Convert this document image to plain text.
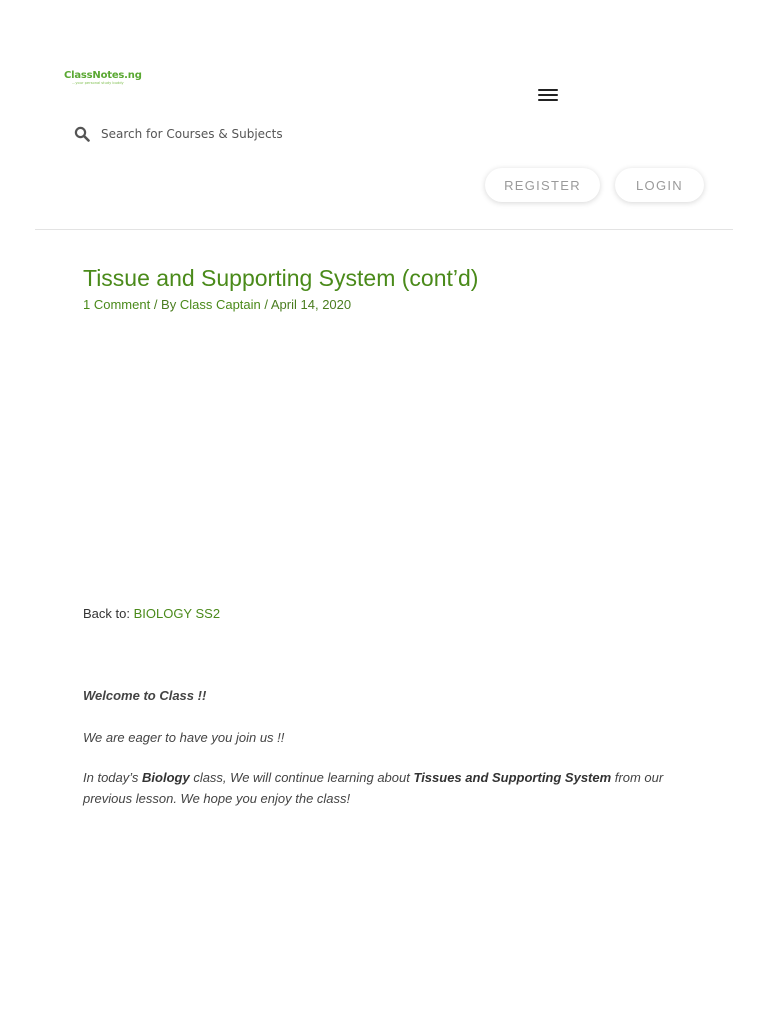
ClassNotes.ng
...your personal study buddy
Search for Courses & Subjects
REGISTER	LOGIN
Tissue and Supporting System (cont’d)
1 Comment / By Class Captain / April 14, 2020
Back to: BIOLOGY SS2
Welcome to Class !!
We are eager to have you join us !!
In today’s Biology class, We will continue learning about Tissues and Supporting System from our previous lesson. We hope you enjoy the class!
